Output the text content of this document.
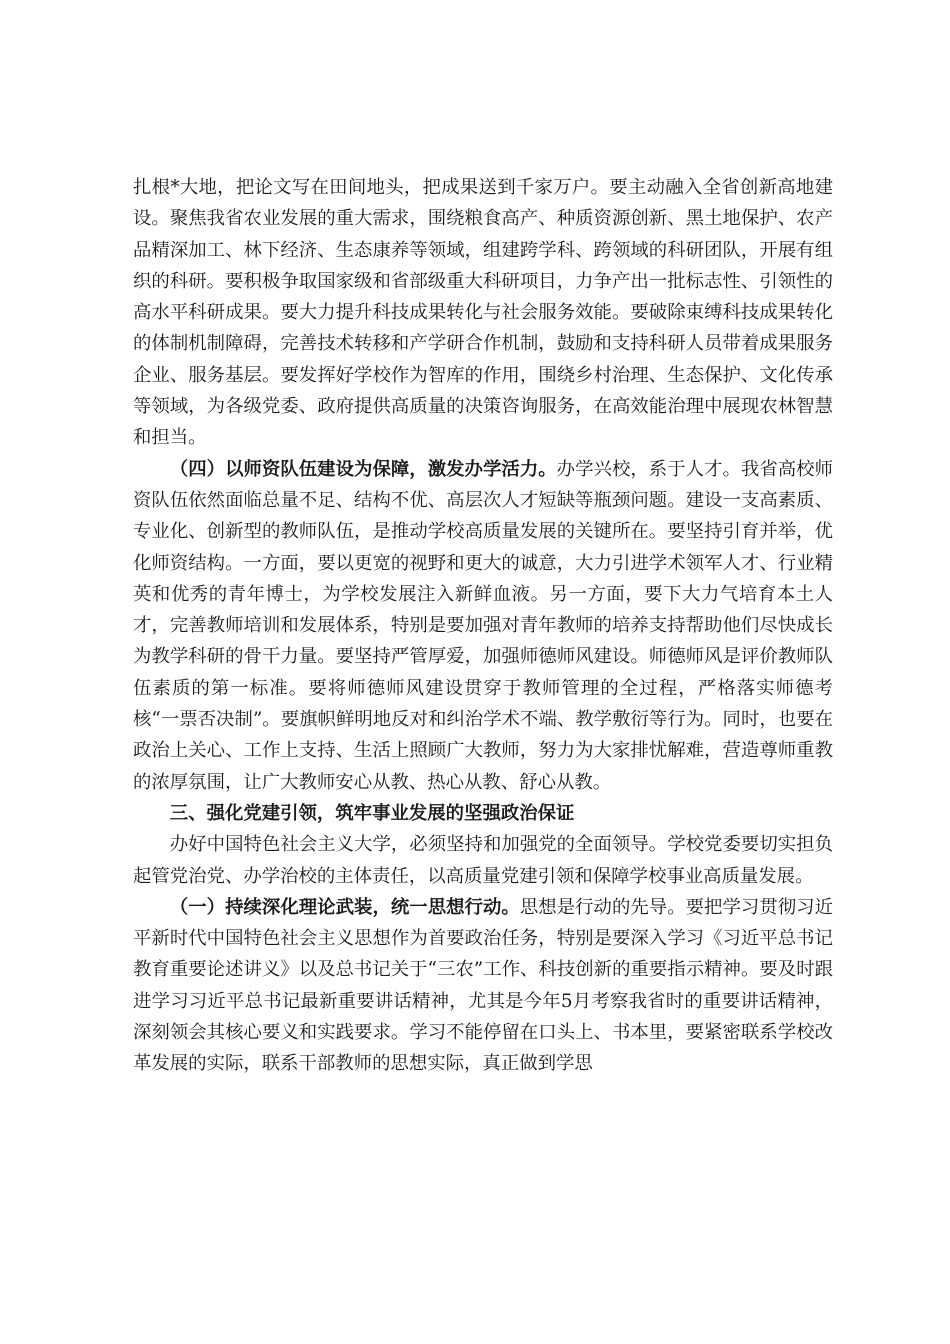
扎根*大地，把论文写在田间地头，把成果送到千家万户。要主动融入全省创新高地建设。聚焦我省农业发展的重大需求，围绕粮食高产、种质资源创新、黑土地保护、农产品精深加工、林下经济、生态康养等领域，组建跨学科、跨领域的科研团队，开展有组织的科研。要积极争取国家级和省部级重大科研项目，力争产出一批标志性、引领性的高水平科研成果。要大力提升科技成果转化与社会服务效能。要破除束缚科技成果转化的体制机制障碍，完善技术转移和产学研合作机制，鼓励和支持科研人员带着成果服务企业、服务基层。要发挥好学校作为智库的作用，围绕乡村治理、生态保护、文化传承等领域，为各级党委、政府提供高质量的决策咨询服务，在高效能治理中展现农林智慧和担当。

（四）以师资队伍建设为保障，激发办学活力。办学兴校，系于人才。我省高校师资队伍依然面临总量不足、结构不优、高层次人才短缺等瓶颈问题。建设一支高素质、专业化、创新型的教师队伍，是推动学校高质量发展的关键所在。要坚持引育并举，优化师资结构。一方面，要以更宽的视野和更大的诚意，大力引进学术领军人才、行业精英和优秀的青年博士，为学校发展注入新鲜血液。另一方面，要下大力气培育本土人才，完善教师培训和发展体系，特别是要加强对青年教师的培养支持帮助他们尽快成长为教学科研的骨干力量。要坚持严管厚爱，加强师德师风建设。师德师风是评价教师队伍素质的第一标准。要将师德师风建设贯穿于教师管理的全过程，严格落实师德考核“一票否决制”。要旗帜鲜明地反对和纠治学术不端、教学敷衍等行为。同时，也要在政治上关心、工作上支持、生活上照顾广大教师，努力为大家排忧解难，营造尊师重教的浓厚氛围，让广大教师安心从教、热心从教、舒心从教。

三、强化党建引领，筑牢事业发展的坚强政治保证

办好中国特色社会主义大学，必须坚持和加强党的全面领导。学校党委要切实担负起管党治党、办学治校的主体责任，以高质量党建引领和保障学校事业高质量发展。

（一）持续深化理论武装，统一思想行动。思想是行动的先导。要把学习贯彻习近平新时代中国特色社会主义思想作为首要政治任务，特别是要深入学习《习近平总书记教育重要论述讲义》以及总书记关于“三农”工作、科技创新的重要指示精神。要及时跟进学习习近平总书记最新重要讲话精神，尤其是今年5月考察我省时的重要讲话精神，深刻领会其核心要义和实践要求。学习不能停留在口头上、书本里，要紧密联系学校改革发展的实际，联系干部教师的思想实际，真正做到学思
